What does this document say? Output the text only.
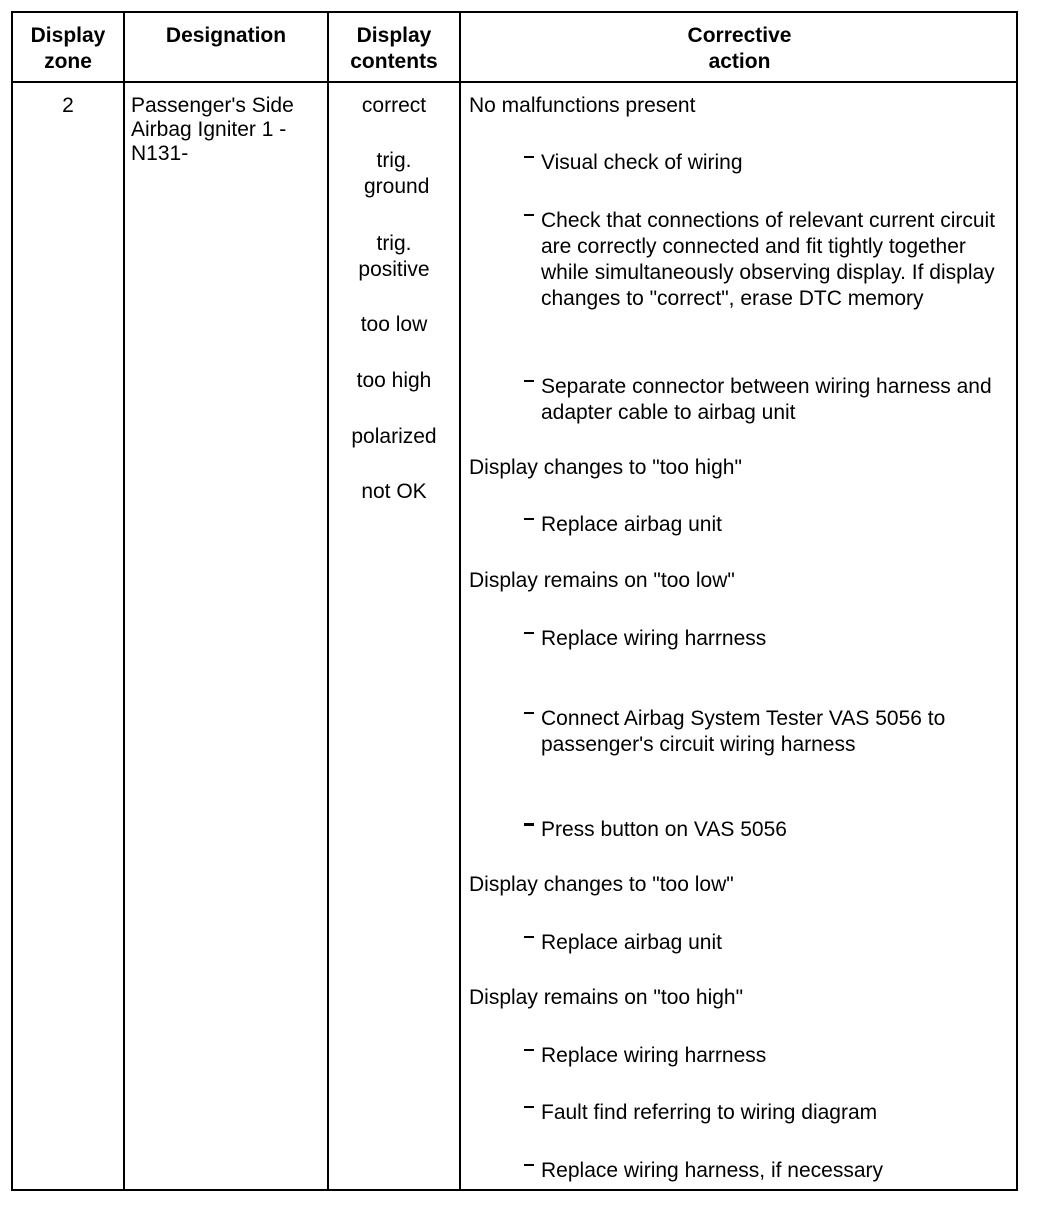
Display
zone
Designation	Display
contents
Corrective
action
2	Passenger's Side
Airbag Igniter 1 -
N131-
correct
trig. ground
trig. positive
too low
too high
polarized
not OK
No malfunctions present
Visual check of wiring
Check that connections of relevant current circuit are correctly connected and fit tightly together while simultaneously observing display. If display changes to "correct", erase DTC memory
Separate connector between wiring harness and adapter cable to airbag unit
Display changes to "too high"
Replace airbag unit
Display remains on "too low"
Replace wiring harrness
Connect Airbag System Tester VAS 5056 to passenger's circuit wiring harness
Press button on VAS 5056
Display changes to "too low"
Replace airbag unit
Display remains on "too high"
Replace wiring harrness
Fault find referring to wiring diagram
Replace wiring harness, if necessary
